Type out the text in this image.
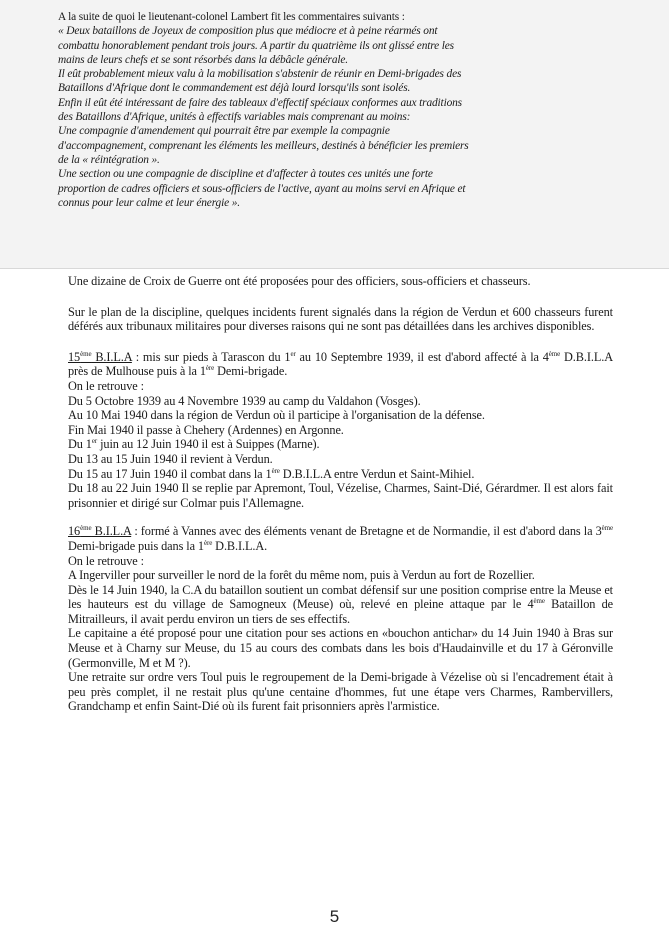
A la suite de quoi le lieutenant-colonel Lambert fit les commentaires suivants :
« Deux bataillons de Joyeux de composition plus que médiocre et à peine réarmés ont
combattu honorablement pendant trois jours. A partir du quatrième ils ont glissé entre les
mains de leurs chefs et se sont résorbés dans la débâcle générale.
Il eût probablement mieux valu à la mobilisation s'abstenir de réunir en Demi-brigades des
Bataillons d'Afrique dont le commandement est déjà lourd lorsqu'ils sont isolés.
Enfin il eût été intéressant de faire des tableaux d'effectif spéciaux conformes aux traditions
des Bataillons d'Afrique, unités à effectifs variables mais comprenant au moins:
Une compagnie d'amendement qui pourrait être par exemple la compagnie
d'accompagnement, comprenant les éléments les meilleurs, destinés à bénéficier les premiers
de la « réintégration ».
Une section ou une compagnie de discipline et d'affecter à toutes ces unités une forte
proportion de cadres officiers et sous-officiers de l'active, ayant au moins servi en Afrique et
connus pour leur calme et leur énergie ».
Une dizaine de Croix de Guerre ont été proposées pour des officiers, sous-officiers et chasseurs.
Sur le plan de la discipline, quelques incidents furent signalés dans la région de Verdun et 600 chasseurs furent déférés aux tribunaux militaires pour diverses raisons qui ne sont pas détaillées dans les archives disponibles.
15ème B.I.L.A : mis sur pieds à Tarascon du 1er au 10 Septembre 1939, il est d'abord affecté à la 4ème D.B.I.L.A près de Mulhouse puis à la 1ère Demi-brigade.
On le retrouve :
Du 5 Octobre 1939 au 4 Novembre 1939 au camp du Valdahon (Vosges).
Au 10 Mai 1940 dans la région de Verdun où il participe à l'organisation de la défense.
Fin Mai 1940 il passe à Chehery (Ardennes) en Argonne.
Du 1er juin au 12 Juin 1940 il est à Suippes (Marne).
Du 13 au 15 Juin 1940 il revient à Verdun.
Du 15 au 17 Juin 1940 il combat dans la 1ère D.B.I.L.A entre Verdun et Saint-Mihiel.
Du 18 au 22 Juin 1940 Il se replie par Apremont, Toul, Vézelise, Charmes, Saint-Dié, Gérardmer. Il est alors fait prisonnier et dirigé sur Colmar puis l'Allemagne.
16ème B.I.L.A : formé à Vannes avec des éléments venant de Bretagne et de Normandie, il est d'abord dans la 3ème Demi-brigade puis dans la 1ère D.B.I.L.A.
On le retrouve :
A Ingerviller pour surveiller le nord de la forêt du même nom, puis à Verdun au fort de Rozellier.
Dès le 14 Juin 1940, la C.A du bataillon soutient un combat défensif sur une position comprise entre la Meuse et les hauteurs est du village de Samogneux (Meuse) où, relevé en pleine attaque par le 4ème Bataillon de Mitrailleurs, il avait perdu environ un tiers de ses effectifs.
Le capitaine a été proposé pour une citation pour ses actions en «bouchon antichar» du 14 Juin 1940 à Bras sur Meuse et à Charny sur Meuse, du 15 au cours des combats dans les bois d'Haudainville et du 17 à Géronville (Germonville, M et M ?).
Une retraite sur ordre vers Toul puis le regroupement de la Demi-brigade à Vézelise où si l'encadrement était à peu près complet, il ne restait plus qu'une centaine d'hommes, fut une étape vers Charmes, Rambervillers, Grandchamp et enfin Saint-Dié où ils furent fait prisonniers après l'armistice.
5
